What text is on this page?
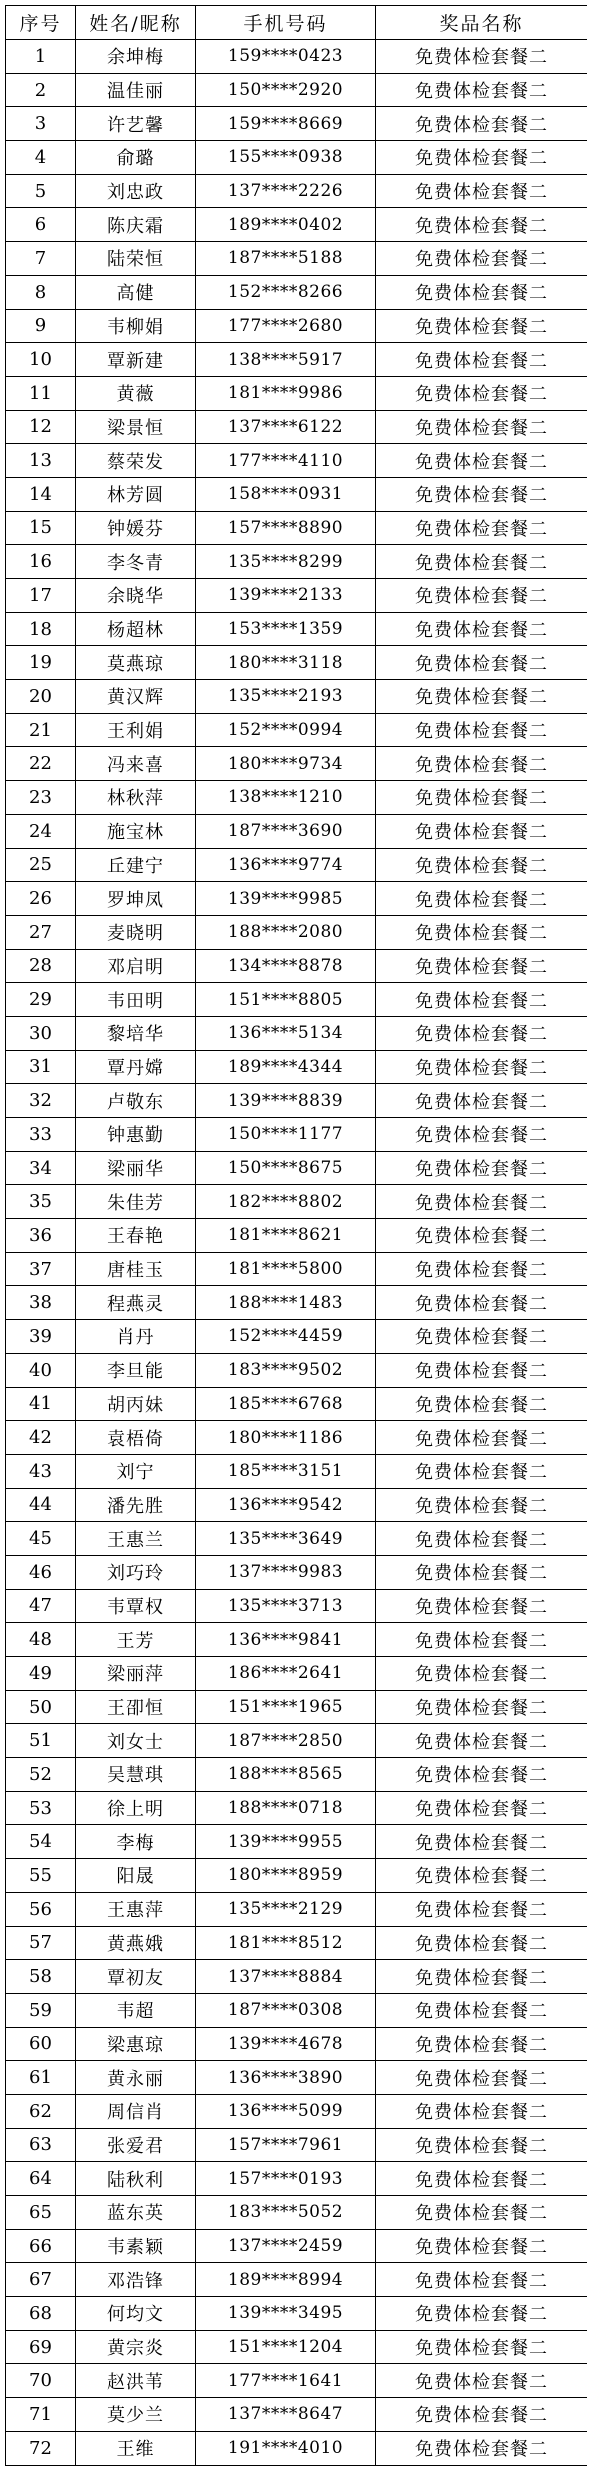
序号	姓名/昵称	手机号码	奖品名称
1	余坤梅	159****0423	免费体检套餐二
2	温佳丽	150****2920	免费体检套餐二
3	许艺馨	159****8669	免费体检套餐二
4	俞璐	155****0938	免费体检套餐二
5	刘忠政	137****2226	免费体检套餐二
6	陈庆霜	189****0402	免费体检套餐二
7	陆荣恒	187****5188	免费体检套餐二
8	高健	152****8266	免费体检套餐二
9	韦柳娟	177****2680	免费体检套餐二
10	覃新建	138****5917	免费体检套餐二
11	黄薇	181****9986	免费体检套餐二
12	梁景恒	137****6122	免费体检套餐二
13	蔡荣发	177****4110	免费体检套餐二
14	林芳圆	158****0931	免费体检套餐二
15	钟媛芬	157****8890	免费体检套餐二
16	李冬青	135****8299	免费体检套餐二
17	余晓华	139****2133	免费体检套餐二
18	杨超林	153****1359	免费体检套餐二
19	莫燕琼	180****3118	免费体检套餐二
20	黄汉辉	135****2193	免费体检套餐二
21	王利娟	152****0994	免费体检套餐二
22	冯来喜	180****9734	免费体检套餐二
23	林秋萍	138****1210	免费体检套餐二
24	施宝林	187****3690	免费体检套餐二
25	丘建宁	136****9774	免费体检套餐二
26	罗坤凤	139****9985	免费体检套餐二
27	麦晓明	188****2080	免费体检套餐二
28	邓启明	134****8878	免费体检套餐二
29	韦田明	151****8805	免费体检套餐二
30	黎培华	136****5134	免费体检套餐二
31	覃丹嫦	189****4344	免费体检套餐二
32	卢敬东	139****8839	免费体检套餐二
33	钟惠勤	150****1177	免费体检套餐二
34	梁丽华	150****8675	免费体检套餐二
35	朱佳芳	182****8802	免费体检套餐二
36	王春艳	181****8621	免费体检套餐二
37	唐桂玉	181****5800	免费体检套餐二
38	程燕灵	188****1483	免费体检套餐二
39	肖丹	152****4459	免费体检套餐二
40	李旦能	183****9502	免费体检套餐二
41	胡丙妹	185****6768	免费体检套餐二
42	袁梧倚	180****1186	免费体检套餐二
43	刘宁	185****3151	免费体检套餐二
44	潘先胜	136****9542	免费体检套餐二
45	王惠兰	135****3649	免费体检套餐二
46	刘巧玲	137****9983	免费体检套餐二
47	韦覃权	135****3713	免费体检套餐二
48	王芳	136****9841	免费体检套餐二
49	梁丽萍	186****2641	免费体检套餐二
50	王卲恒	151****1965	免费体检套餐二
51	刘女士	187****2850	免费体检套餐二
52	吴慧琪	188****8565	免费体检套餐二
53	徐上明	188****0718	免费体检套餐二
54	李梅	139****9955	免费体检套餐二
55	阳晟	180****8959	免费体检套餐二
56	王惠萍	135****2129	免费体检套餐二
57	黄燕娥	181****8512	免费体检套餐二
58	覃初友	137****8884	免费体检套餐二
59	韦超	187****0308	免费体检套餐二
60	梁惠琼	139****4678	免费体检套餐二
61	黄永丽	136****3890	免费体检套餐二
62	周信肖	136****5099	免费体检套餐二
63	张爱君	157****7961	免费体检套餐二
64	陆秋利	157****0193	免费体检套餐二
65	蓝东英	183****5052	免费体检套餐二
66	韦素颖	137****2459	免费体检套餐二
67	邓浩锋	189****8994	免费体检套餐二
68	何均文	139****3495	免费体检套餐二
69	黄宗炎	151****1204	免费体检套餐二
70	赵洪苇	177****1641	免费体检套餐二
71	莫少兰	137****8647	免费体检套餐二
72	王维	191****4010	免费体检套餐二
